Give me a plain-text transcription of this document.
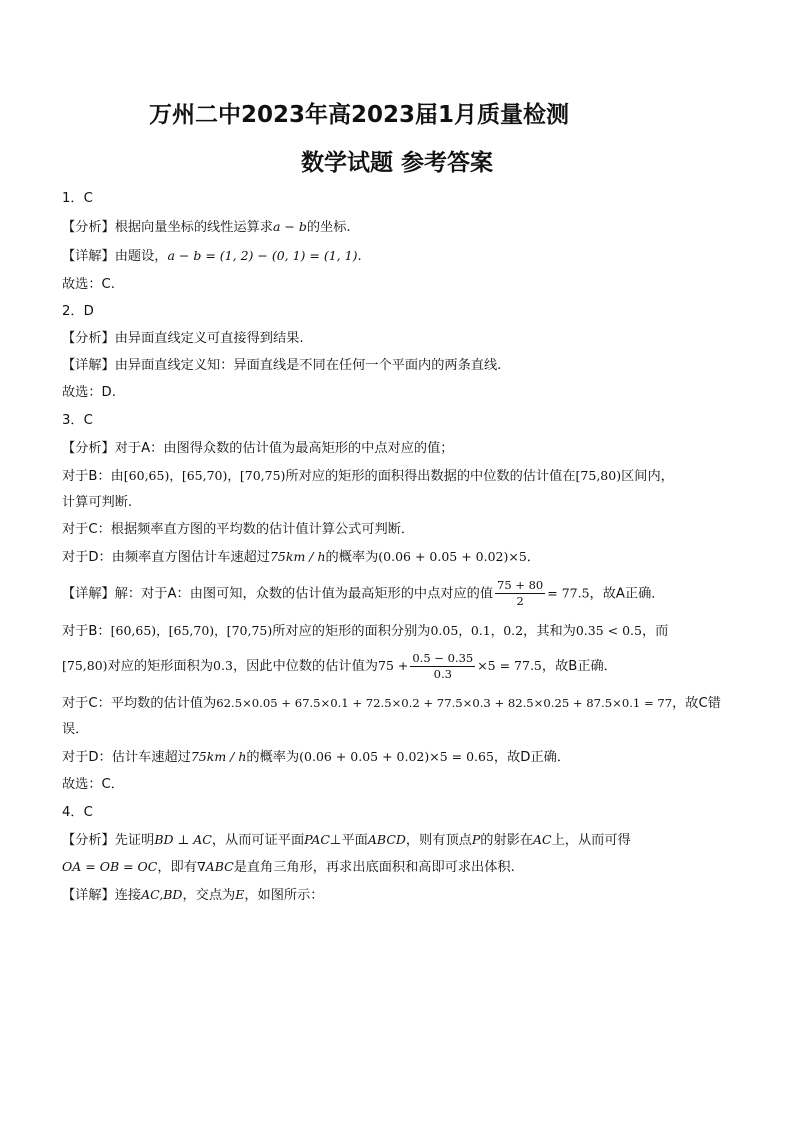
万州二中2023年高2023届1月质量检测
数学试题 参考答案
1．C
【分析】根据向量坐标的线性运算求a − b的坐标.
【详解】由题设，a − b = (1, 2) − (0, 1) = (1, 1).
故选：C.
2．D
【分析】由异面直线定义可直接得到结果.
【详解】由异面直线定义知：异面直线是不同在任何一个平面内的两条直线.
故选：D.
3．C
【分析】对于A：由图得众数的估计值为最高矩形的中点对应的值；
对于B：由[60,65)，[65,70)，[70,75)所对应的矩形的面积得出数据的中位数的估计值在[75,80)区间内，
计算可判断.
对于C：根据频率直方图的平均数的估计值计算公式可判断．
对于D：由频率直方图估计车速超过75km / h的概率为(0.06 + 0.05 + 0.02)×5．
【详解】解：对于A：由图可知，众数的估计值为最高矩形的中点对应的值 $\frac{75 + 80}{2} = 77.5$，故A正确．
对于B：[60,65)，[65,70)，[70,75)所对应的矩形的面积分别为0.05，0.1，0.2，其和为0.35 < 0.5，而
[75,80)对应的矩形面积为0.3，因此中位数的估计值为$75 + \frac{0.5 - 0.35}{0.3} \times 5 = 77.5$，故B正确．
对于C：平均数的估计值为62.5×0.05 + 67.5×0.1 + 72.5×0.2 + 77.5×0.3 + 82.5×0.25 + 87.5×0.1 = 77，故C错
误．
对于D：估计车速超过75km / h的概率为(0.06 + 0.05 + 0.02)×5 = 0.65，故D正确．
故选：C．
4．C
【分析】先证明BD ⊥ AC，从而可证平面PAC⊥平面ABCD，则有顶点P的射影在AC上，从而可得
OA = OB = OC，即有∇ABC是直角三角形，再求出底面积和高即可求出体积.
【详解】连接AC,BD，交点为E，如图所示：
